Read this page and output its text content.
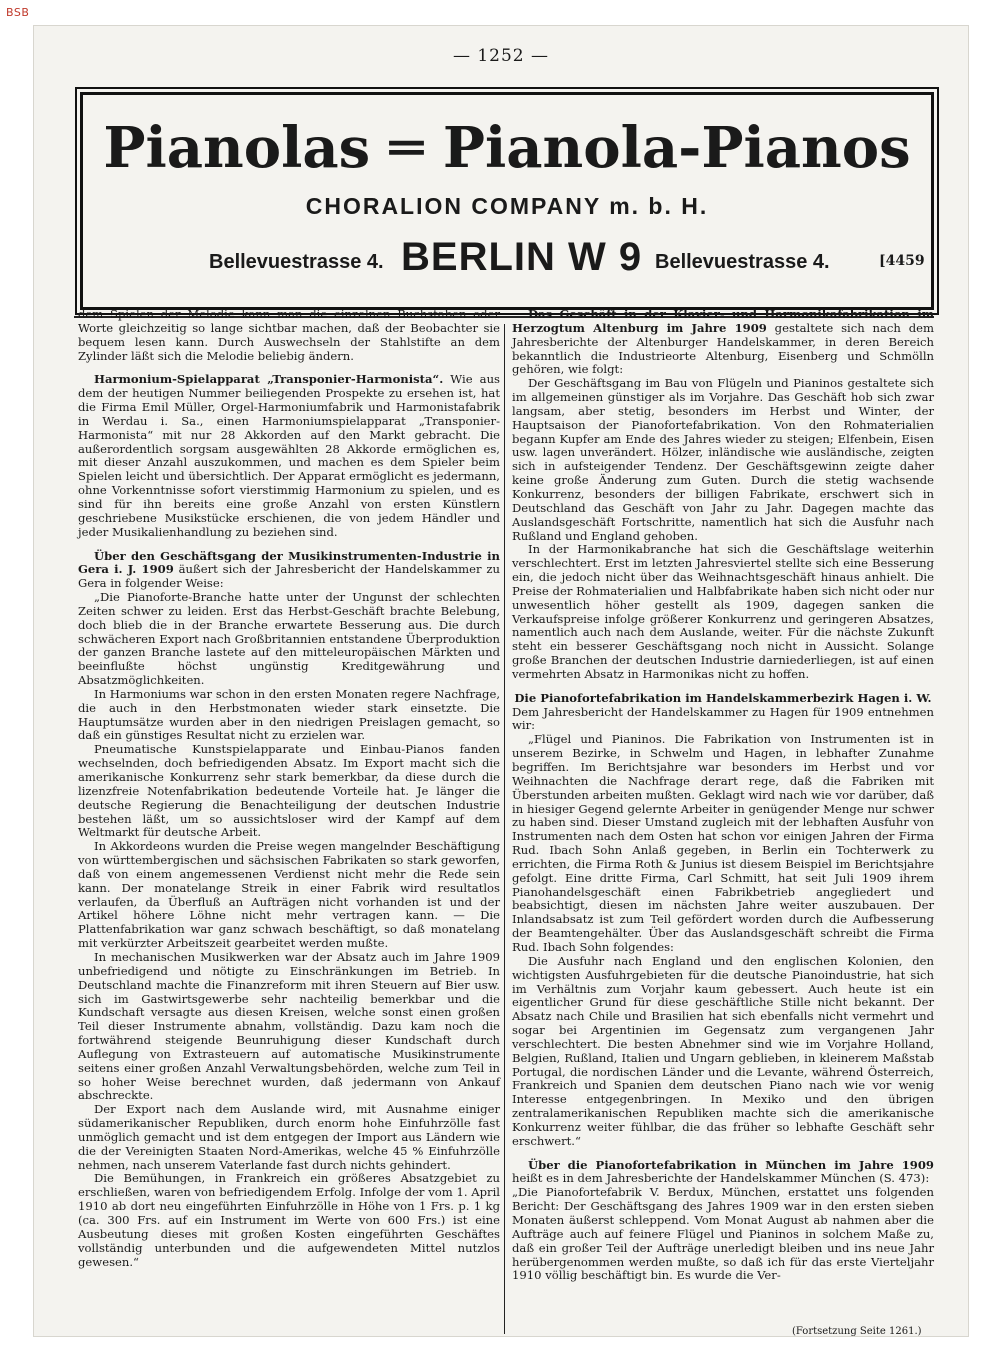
BSB
— 1252 —
Pianolas ═ Pianola-Pianos
CHORALION COMPANY m. b. H.
Bellevuestrasse 4. BERLIN W 9 Bellevuestrasse 4.	[4459

dem Spielen der Melodie kann man die einzelnen Buchstaben oder Worte gleichzeitig so lange sichtbar machen, daß der Beobachter sie bequem lesen kann. Durch Auswechseln der Stahlstifte an dem Zylinder läßt sich die Melodie beliebig ändern.

Harmonium-Spielapparat „Transponier-Harmonista“. Wie aus dem der heutigen Nummer beiliegenden Prospekte zu ersehen ist, hat die Firma Emil Müller, Orgel-Harmoniumfabrik und Harmonistafabrik in Werdau i. Sa., einen Harmoniumspielapparat „Transponier-Harmonista“ mit nur 28 Akkorden auf den Markt gebracht. Die außerordentlich sorgsam ausgewählten 28 Akkorde ermöglichen es, mit dieser Anzahl auszukommen, und machen es dem Spieler beim Spielen leicht und übersichtlich. Der Apparat ermöglicht es jedermann, ohne Vorkenntnisse sofort vierstimmig Harmonium zu spielen, und es sind für ihn bereits eine große Anzahl von ersten Künstlern geschriebene Musikstücke erschienen, die von jedem Händler und jeder Musikalienhandlung zu beziehen sind.

Über den Geschäftsgang der Musikinstrumenten-Industrie in Gera i. J. 1909 äußert sich der Jahresbericht der Handelskammer zu Gera in folgender Weise:

„Die Pianoforte-Branche hatte unter der Ungunst der schlechten Zeiten schwer zu leiden. Erst das Herbst-Geschäft brachte Belebung, doch blieb die in der Branche erwartete Besserung aus. Die durch schwächeren Export nach Großbritannien entstandene Überproduktion der ganzen Branche lastete auf den mitteleuropäischen Märkten und beeinflußte höchst ungünstig Kreditgewährung und Absatzmöglichkeiten.

In Harmoniums war schon in den ersten Monaten regere Nachfrage, die auch in den Herbstmonaten wieder stark einsetzte. Die Hauptumsätze wurden aber in den niedrigen Preislagen gemacht, so daß ein günstiges Resultat nicht zu erzielen war.

Pneumatische Kunstspielapparate und Einbau-Pianos fanden wechselnden, doch befriedigenden Absatz. Im Export macht sich die amerikanische Konkurrenz sehr stark bemerkbar, da diese durch die lizenzfreie Notenfabrikation bedeutende Vorteile hat. Je länger die deutsche Regierung die Benachteiligung der deutschen Industrie bestehen läßt, um so aussichtsloser wird der Kampf auf dem Weltmarkt für deutsche Arbeit.

In Akkordeons wurden die Preise wegen mangelnder Beschäftigung von württembergischen und sächsischen Fabrikaten so stark geworfen, daß von einem angemessenen Verdienst nicht mehr die Rede sein kann. Der monatelange Streik in einer Fabrik wird resultatlos verlaufen, da Überfluß an Aufträgen nicht vorhanden ist und der Artikel höhere Löhne nicht mehr vertragen kann. — Die Plattenfabrikation war ganz schwach beschäftigt, so daß monatelang mit verkürzter Arbeitszeit gearbeitet werden mußte.

In mechanischen Musikwerken war der Absatz auch im Jahre 1909 unbefriedigend und nötigte zu Einschränkungen im Betrieb. In Deutschland machte die Finanzreform mit ihren Steuern auf Bier usw. sich im Gastwirtsgewerbe sehr nachteilig bemerkbar und die Kundschaft versagte aus diesen Kreisen, welche sonst einen großen Teil dieser Instrumente abnahm, vollständig. Dazu kam noch die fortwährend steigende Beunruhigung dieser Kundschaft durch Auflegung von Extrasteuern auf automatische Musikinstrumente seitens einer großen Anzahl Verwaltungsbehörden, welche zum Teil in so hoher Weise berechnet wurden, daß jedermann von Ankauf abschreckte.

Der Export nach dem Auslande wird, mit Ausnahme einiger südamerikanischer Republiken, durch enorm hohe Einfuhrzölle fast unmöglich gemacht und ist dem entgegen der Import aus Ländern wie die der Vereinigten Staaten Nord-Amerikas, welche 45 % Einfuhrzölle nehmen, nach unserem Vaterlande fast durch nichts gehindert.

Die Bemühungen, in Frankreich ein größeres Absatzgebiet zu erschließen, waren von befriedigendem Erfolg. Infolge der vom 1. April 1910 ab dort neu eingeführten Einfuhrzölle in Höhe von 1 Frs. p. 1 kg (ca. 300 Frs. auf ein Instrument im Werte von 600 Frs.) ist eine Ausbeutung dieses mit großen Kosten eingeführten Geschäftes vollständig unterbunden und die aufgewendeten Mittel nutzlos gewesen.“

Das Geschäft in der Klavier- und Harmonikafabrikation im Herzogtum Altenburg im Jahre 1909 gestaltete sich nach dem Jahresberichte der Altenburger Handelskammer, in deren Bereich bekanntlich die Industrieorte Altenburg, Eisenberg und Schmölln gehören, wie folgt:

Der Geschäftsgang im Bau von Flügeln und Pianinos gestaltete sich im allgemeinen günstiger als im Vorjahre. Das Geschäft hob sich zwar langsam, aber stetig, besonders im Herbst und Winter, der Hauptsaison der Pianofortefabrikation. Von den Rohmaterialien begann Kupfer am Ende des Jahres wieder zu steigen; Elfenbein, Eisen usw. lagen unverändert. Hölzer, inländische wie ausländische, zeigten sich in aufsteigender Tendenz. Der Geschäftsgewinn zeigte daher keine große Änderung zum Guten. Durch die stetig wachsende Konkurrenz, besonders der billigen Fabrikate, erschwert sich in Deutschland das Geschäft von Jahr zu Jahr. Dagegen machte das Auslandsgeschäft Fortschritte, namentlich hat sich die Ausfuhr nach Rußland und England gehoben.

In der Harmonikabranche hat sich die Geschäftslage weiterhin verschlechtert. Erst im letzten Jahresviertel stellte sich eine Besserung ein, die jedoch nicht über das Weihnachtsgeschäft hinaus anhielt. Die Preise der Rohmaterialien und Halbfabrikate haben sich nicht oder nur unwesentlich höher gestellt als 1909, dagegen sanken die Verkaufspreise infolge größerer Konkurrenz und geringeren Absatzes, namentlich auch nach dem Auslande, weiter. Für die nächste Zukunft steht ein besserer Geschäftsgang noch nicht in Aussicht. Solange große Branchen der deutschen Industrie darniederliegen, ist auf einen vermehrten Absatz in Harmonikas nicht zu hoffen.

Die Pianofortefabrikation im Handelskammerbezirk Hagen i. W.

Dem Jahresbericht der Handelskammer zu Hagen für 1909 entnehmen wir:

„Flügel und Pianinos. Die Fabrikation von Instrumenten ist in unserem Bezirke, in Schwelm und Hagen, in lebhafter Zunahme begriffen. Im Berichtsjahre war besonders im Herbst und vor Weihnachten die Nachfrage derart rege, daß die Fabriken mit Überstunden arbeiten mußten. Geklagt wird nach wie vor darüber, daß in hiesiger Gegend gelernte Arbeiter in genügender Menge nur schwer zu haben sind. Dieser Umstand zugleich mit der lebhaften Ausfuhr von Instrumenten nach dem Osten hat schon vor einigen Jahren der Firma Rud. Ibach Sohn Anlaß gegeben, in Berlin ein Tochterwerk zu errichten, die Firma Roth & Junius ist diesem Beispiel im Berichtsjahre gefolgt. Eine dritte Firma, Carl Schmitt, hat seit Juli 1909 ihrem Pianohandelsgeschäft einen Fabrikbetrieb angegliedert und beabsichtigt, diesen im nächsten Jahre weiter auszubauen. Der Inlandsabsatz ist zum Teil gefördert worden durch die Aufbesserung der Beamtengehälter. Über das Auslandsgeschäft schreibt die Firma Rud. Ibach Sohn folgendes:

Die Ausfuhr nach England und den englischen Kolonien, den wichtigsten Ausfuhrgebieten für die deutsche Pianoindustrie, hat sich im Verhältnis zum Vorjahr kaum gebessert. Auch heute ist ein eigentlicher Grund für diese geschäftliche Stille nicht bekannt. Der Absatz nach Chile und Brasilien hat sich ebenfalls nicht vermehrt und sogar bei Argentinien im Gegensatz zum vergangenen Jahr verschlechtert. Die besten Abnehmer sind wie im Vorjahre Holland, Belgien, Rußland, Italien und Ungarn geblieben, in kleinerem Maßstab Portugal, die nordischen Länder und die Levante, während Österreich, Frankreich und Spanien dem deutschen Piano nach wie vor wenig Interesse entgegenbringen. In Mexiko und den übrigen zentralamerikanischen Republiken machte sich die amerikanische Konkurrenz weiter fühlbar, die das früher so lebhafte Geschäft sehr erschwert.“

Über die Pianofortefabrikation in München im Jahre 1909 heißt es in dem Jahresberichte der Handelskammer München (S. 473):

„Die Pianofortefabrik V. Berdux, München, erstattet uns folgenden Bericht: Der Geschäftsgang des Jahres 1909 war in den ersten sieben Monaten äußerst schleppend. Vom Monat August ab nahmen aber die Aufträge auch auf feinere Flügel und Pianinos in solchem Maße zu, daß ein großer Teil der Aufträge unerledigt bleiben und ins neue Jahr herübergenommen werden mußte, so daß ich für das erste Vierteljahr 1910 völlig beschäftigt bin. Es wurde die Ver-

(Fortsetzung Seite 1261.)
